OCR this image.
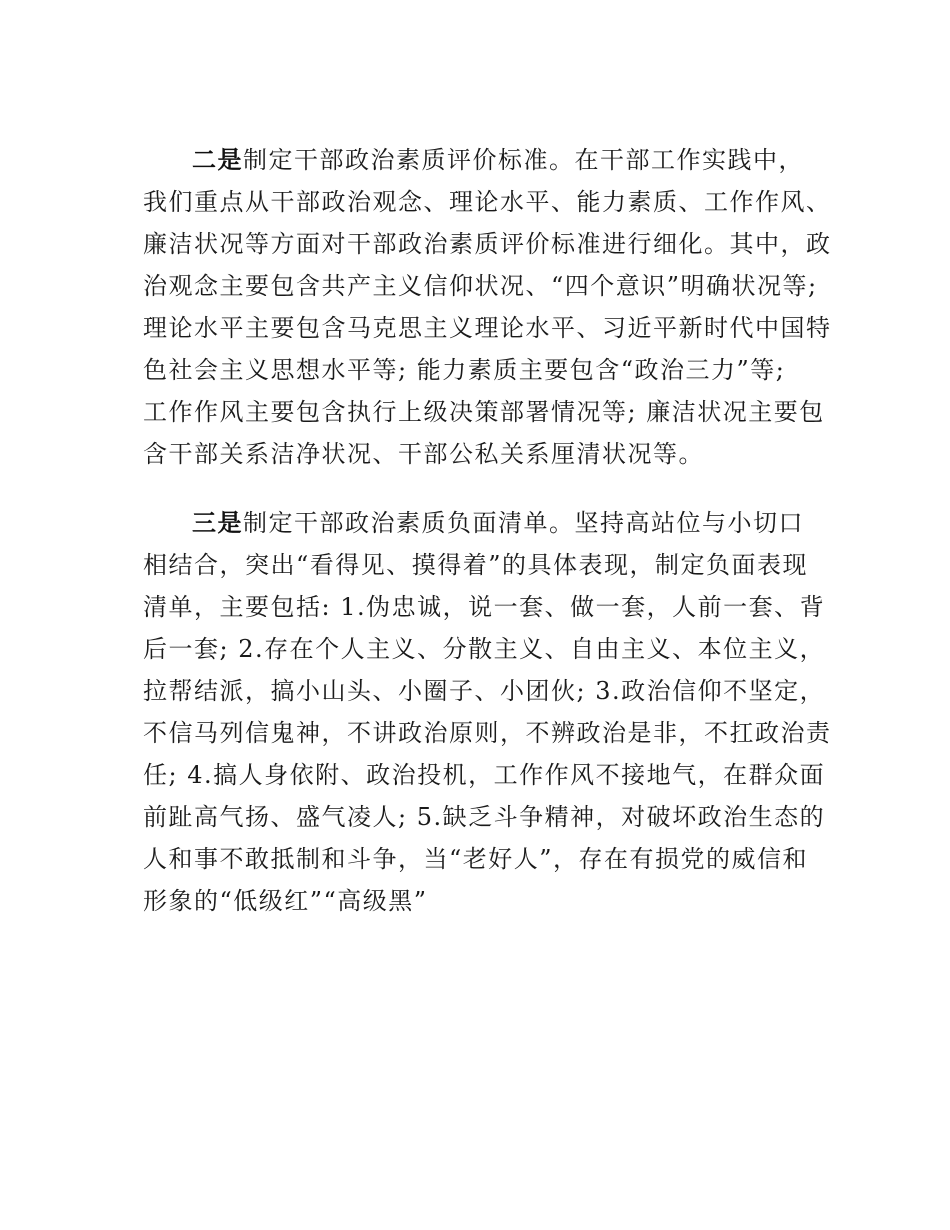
二是制定干部政治素质评价标准。在干部工作实践中，
我们重点从干部政治观念、理论水平、能力素质、工作作风、
廉洁状况等方面对干部政治素质评价标准进行细化。其中，政
治观念主要包含共产主义信仰状况、“四个意识”明确状况等;
理论水平主要包含马克思主义理论水平、习近平新时代中国特
色社会主义思想水平等; 能力素质主要包含“政治三力”等;
工作作风主要包含执行上级决策部署情况等; 廉洁状况主要包
含干部关系洁净状况、干部公私关系厘清状况等。
三是制定干部政治素质负面清单。坚持高站位与小切口
相结合，突出“看得见、摸得着”的具体表现，制定负面表现
清单，主要包括: 1.伪忠诚，说一套、做一套，人前一套、背
后一套; 2.存在个人主义、分散主义、自由主义、本位主义，
拉帮结派，搞小山头、小圈子、小团伙; 3.政治信仰不坚定，
不信马列信鬼神，不讲政治原则，不辨政治是非，不扛政治责
任; 4.搞人身依附、政治投机，工作作风不接地气，在群众面
前趾高气扬、盛气凌人; 5.缺乏斗争精神，对破坏政治生态的
人和事不敢抵制和斗争，当“老好人”，存在有损党的威信和
形象的“低级红”“高级黑”
